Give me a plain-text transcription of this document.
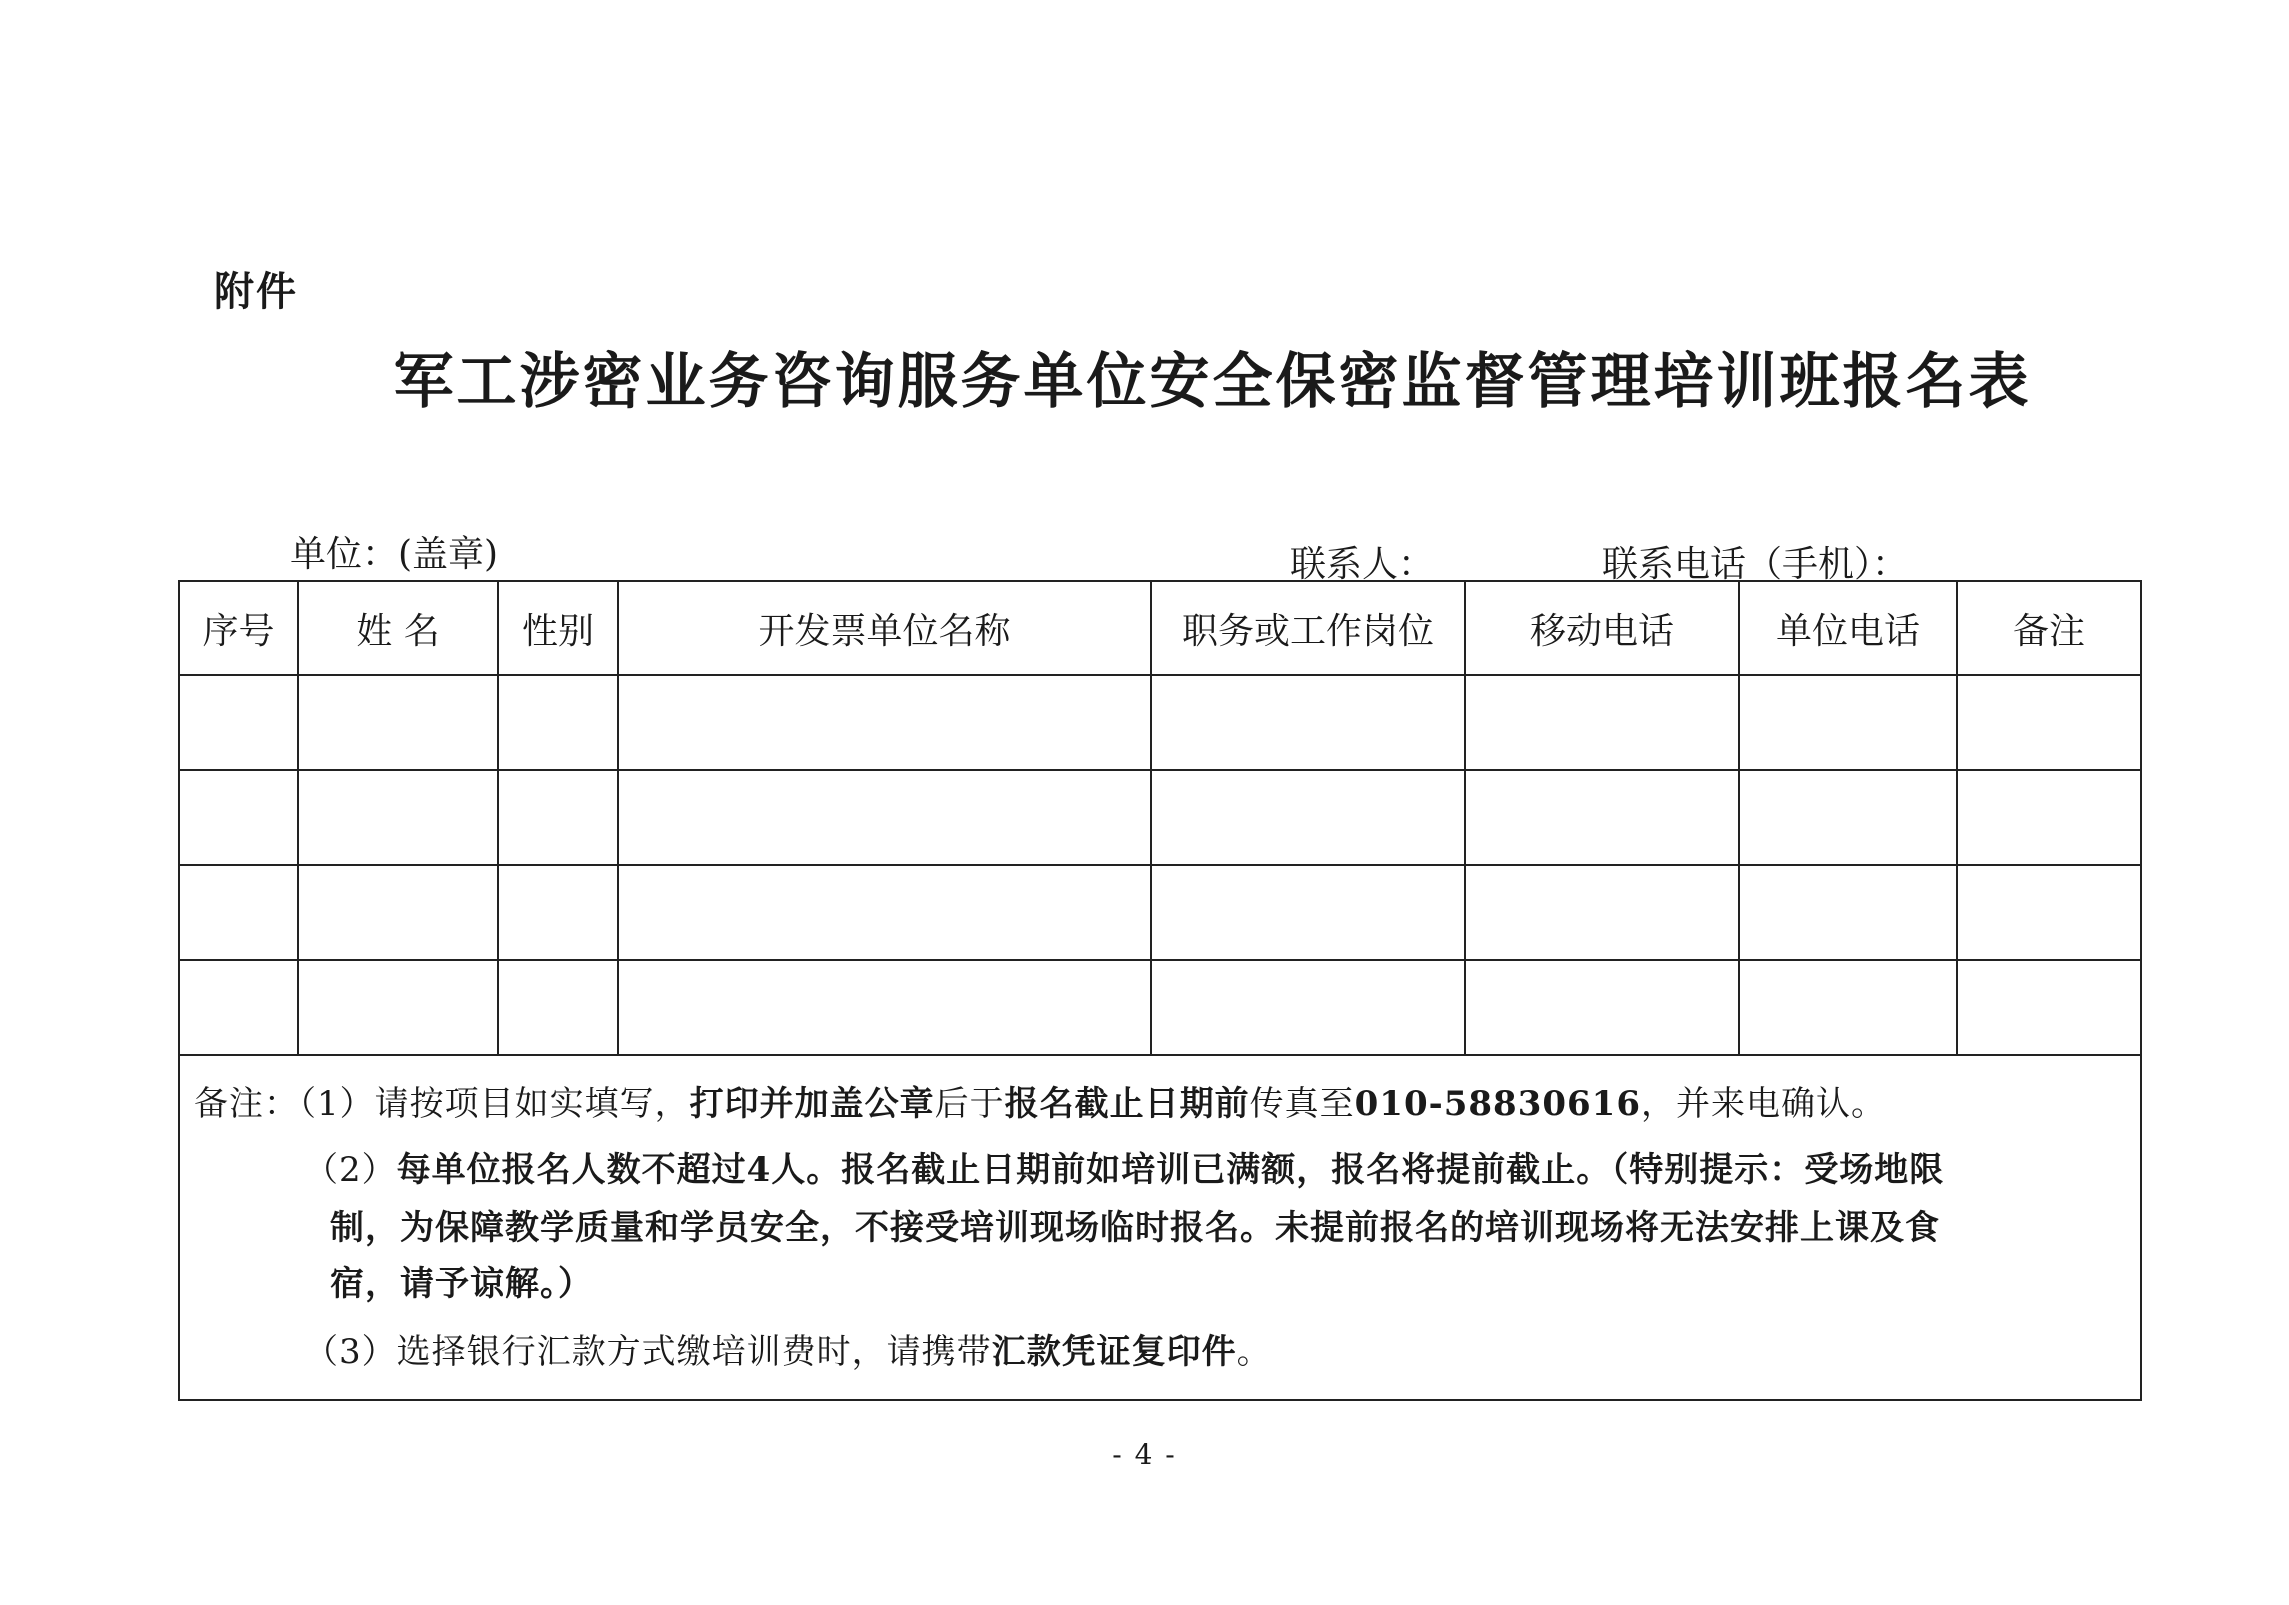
附件
军工涉密业务咨询服务单位安全保密监督管理培训班报名表
单位：(盖章)	联系人：	联系电话（手机）：
序号	姓 名	性别	开发票单位名称	职务或工作岗位	移动电话	单位电话	备注

备注：（1）请按项目如实填写，打印并加盖公章后于报名截止日期前传真至010-58830616，并来电确认。
（2）每单位报名人数不超过4人。报名截止日期前如培训已满额，报名将提前截止。（特别提示：受场地限
制，为保障教学质量和学员安全，不接受培训现场临时报名。未提前报名的培训现场将无法安排上课及食
宿，请予谅解。）
（3）选择银行汇款方式缴培训费时，请携带汇款凭证复印件。							
- 4 -
